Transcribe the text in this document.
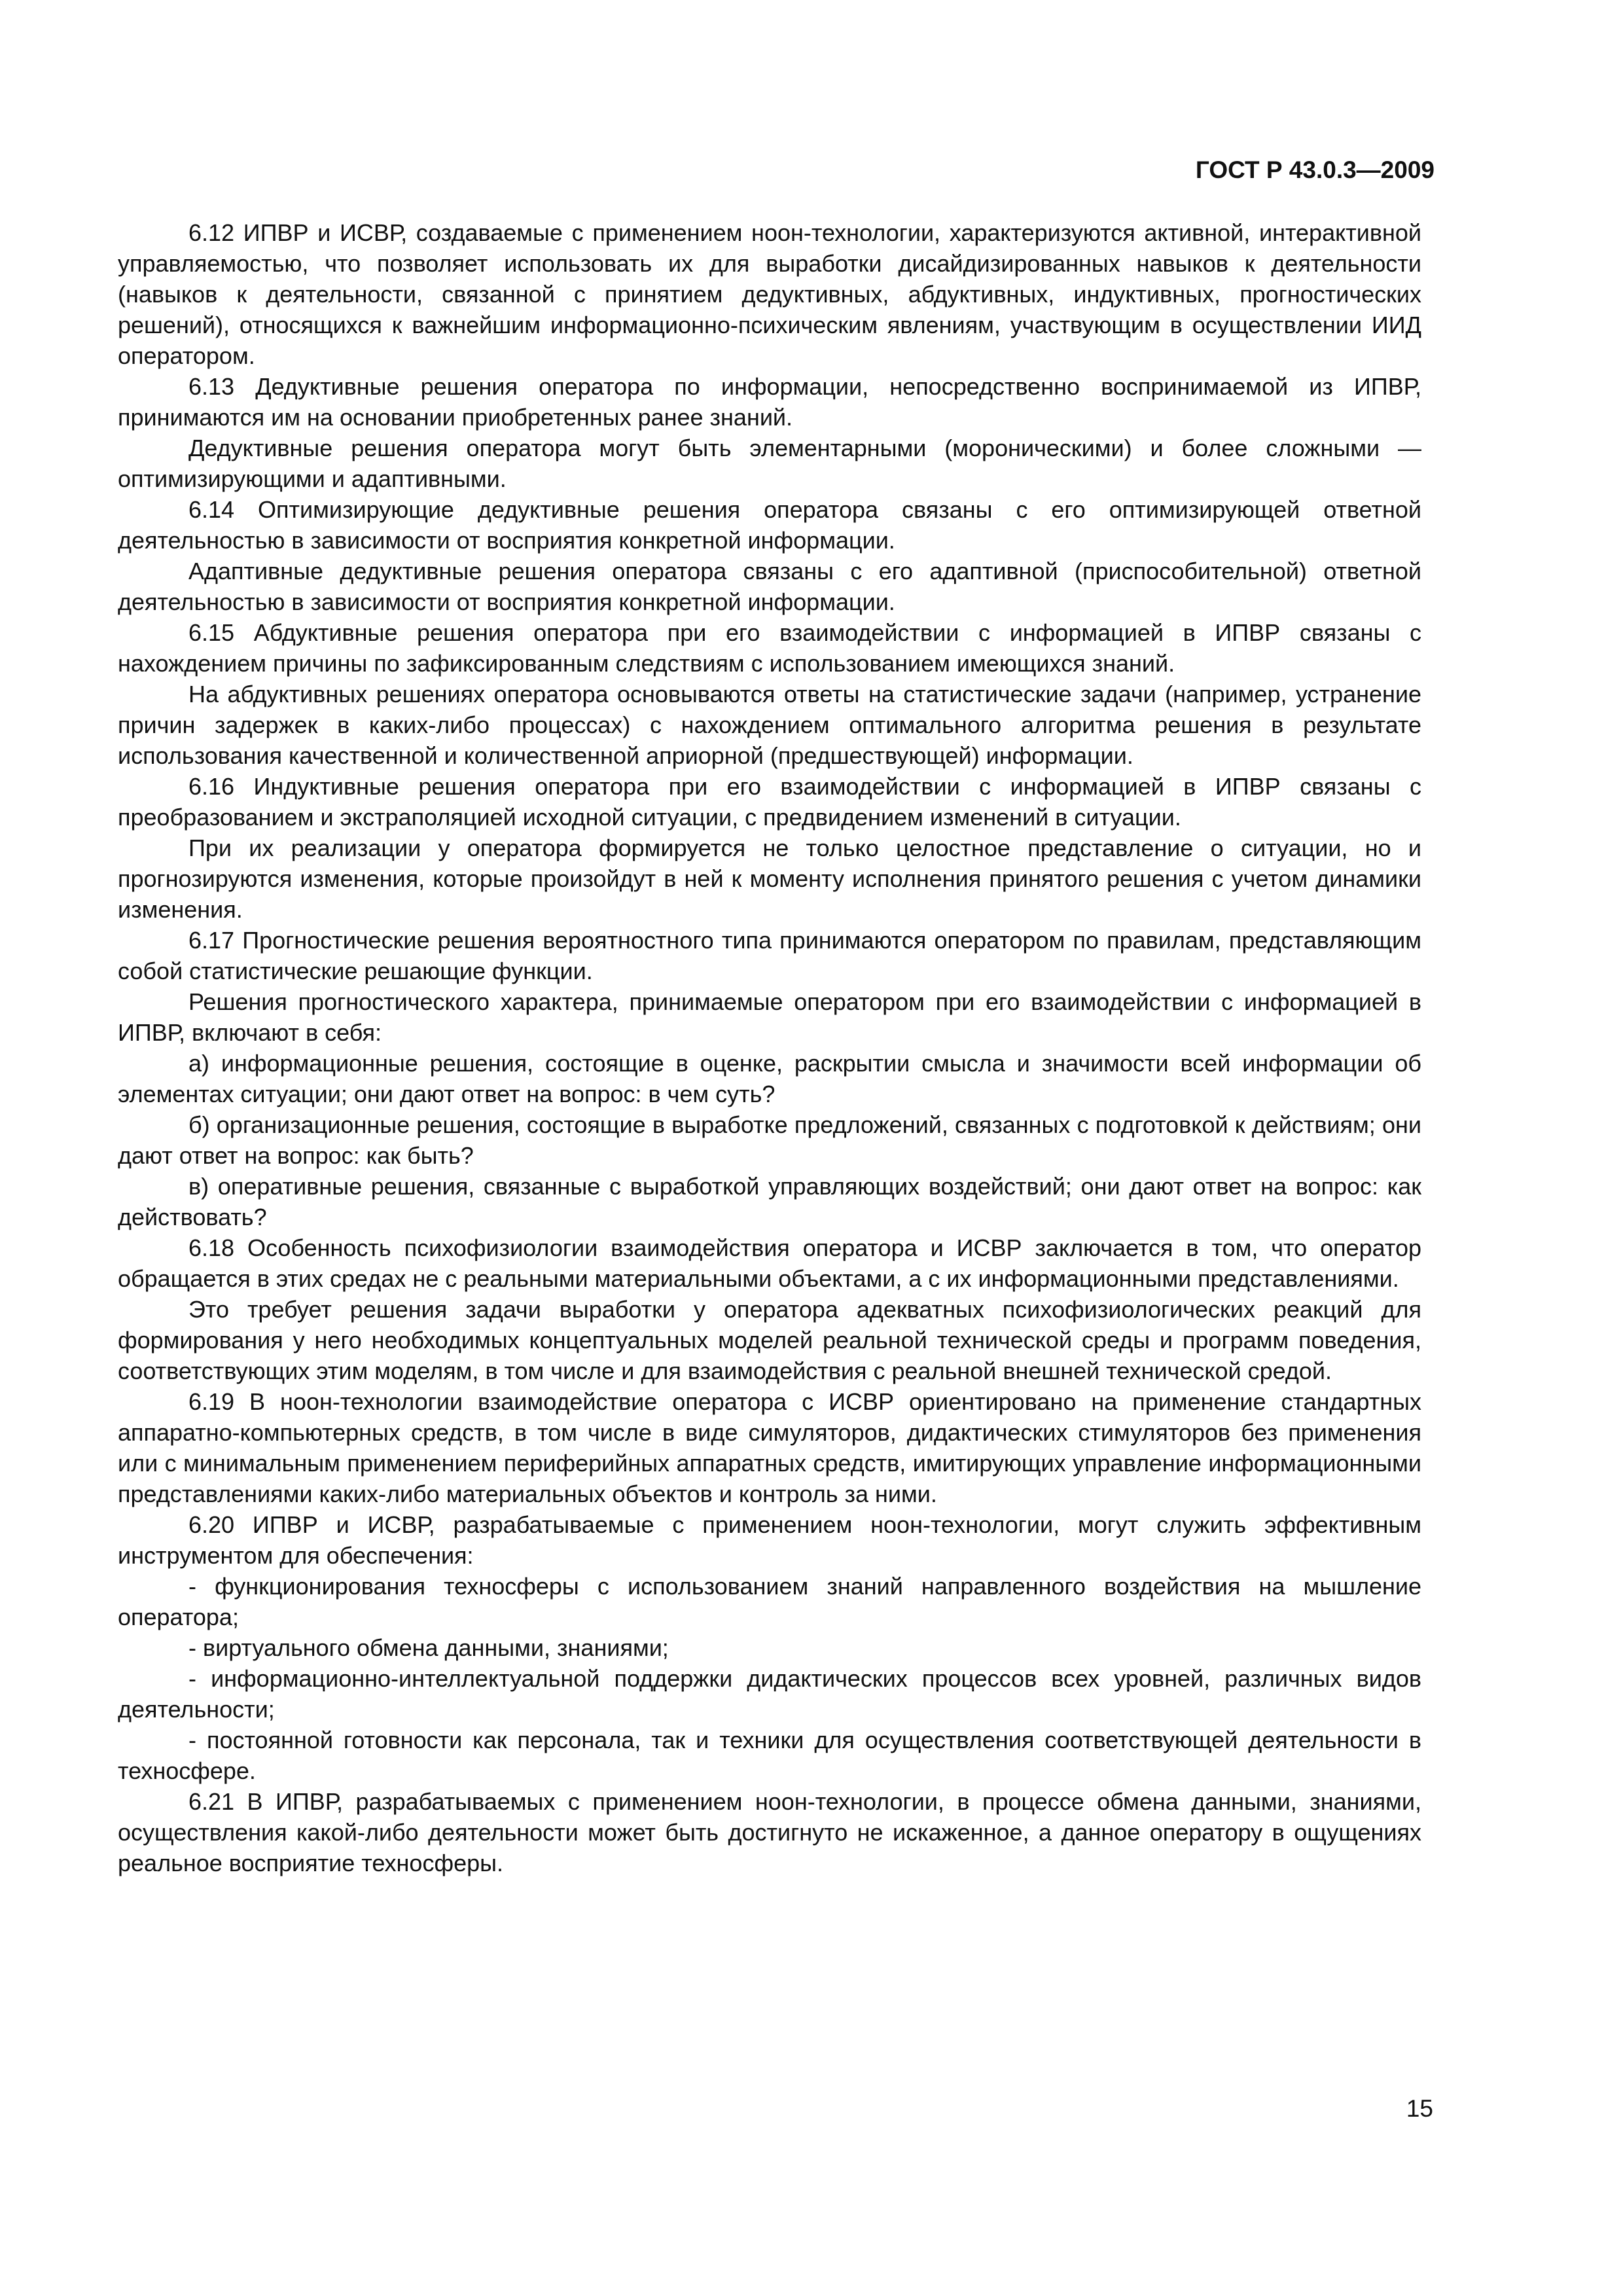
ГОСТ Р 43.0.3—2009

6.12 ИПВР и ИСВР, создаваемые с применением ноон-технологии, характеризуются активной, интерактивной управляемостью, что позволяет использовать их для выработки дисайдизированных навыков к деятельности (навыков к деятельности, связанной с принятием дедуктивных, абдуктивных, индуктивных, прогностических решений), относящихся к важнейшим информационно-психическим явлениям, участвующим в осуществлении ИИД оператором.

6.13 Дедуктивные решения оператора по информации, непосредственно воспринимаемой из ИПВР, принимаются им на основании приобретенных ранее знаний.

Дедуктивные решения оператора могут быть элементарными (мороническими) и более сложными — оптимизирующими и адаптивными.

6.14 Оптимизирующие дедуктивные решения оператора связаны с его оптимизирующей ответной деятельностью в зависимости от восприятия конкретной информации.

Адаптивные дедуктивные решения оператора связаны с его адаптивной (приспособительной) ответной деятельностью в зависимости от восприятия конкретной информации.

6.15 Абдуктивные решения оператора при его взаимодействии с информацией в ИПВР связаны с нахождением причины по зафиксированным следствиям с использованием имеющихся знаний.

На абдуктивных решениях оператора основываются ответы на статистические задачи (например, устранение причин задержек в каких-либо процессах) с нахождением оптимального алгоритма решения в результате использования качественной и количественной априорной (предшествующей) информации.

6.16 Индуктивные решения оператора при его взаимодействии с информацией в ИПВР связаны с преобразованием и экстраполяцией исходной ситуации, с предвидением изменений в ситуации.

При их реализации у оператора формируется не только целостное представление о ситуации, но и прогнозируются изменения, которые произойдут в ней к моменту исполнения принятого решения с учетом динамики изменения.

6.17 Прогностические решения вероятностного типа принимаются оператором по правилам, представляющим собой статистические решающие функции.

Решения прогностического характера, принимаемые оператором при его взаимодействии с информацией в ИПВР, включают в себя:

а) информационные решения, состоящие в оценке, раскрытии смысла и значимости всей информации об элементах ситуации; они дают ответ на вопрос: в чем суть?

б) организационные решения, состоящие в выработке предложений, связанных с подготовкой к действиям; они дают ответ на вопрос: как быть?

в) оперативные решения, связанные с выработкой управляющих воздействий; они дают ответ на вопрос: как действовать?

6.18 Особенность психофизиологии взаимодействия оператора и ИСВР заключается в том, что оператор обращается в этих средах не с реальными материальными объектами, а с их информационными представлениями.

Это требует решения задачи выработки у оператора адекватных психофизиологических реакций для формирования у него необходимых концептуальных моделей реальной технической среды и программ поведения, соответствующих этим моделям, в том числе и для взаимодействия с реальной внешней технической средой.

6.19 В ноон-технологии взаимодействие оператора с ИСВР ориентировано на применение стандартных аппаратно-компьютерных средств, в том числе в виде симуляторов, дидактических стимуляторов без применения или с минимальным применением периферийных аппаратных средств, имитирующих управление информационными представлениями каких-либо материальных объектов и контроль за ними.

6.20 ИПВР и ИСВР, разрабатываемые с применением ноон-технологии, могут служить эффективным инструментом для обеспечения:

- функционирования техносферы с использованием знаний направленного воздействия на мышление оператора;

- виртуального обмена данными, знаниями;

- информационно-интеллектуальной поддержки дидактических процессов всех уровней, различных видов деятельности;

- постоянной готовности как персонала, так и техники для осуществления соответствующей деятельности в техносфере.

6.21 В ИПВР, разрабатываемых с применением ноон-технологии, в процессе обмена данными, знаниями, осуществления какой-либо деятельности может быть достигнуто не искаженное, а данное оператору в ощущениях реальное восприятие техносферы.

15
